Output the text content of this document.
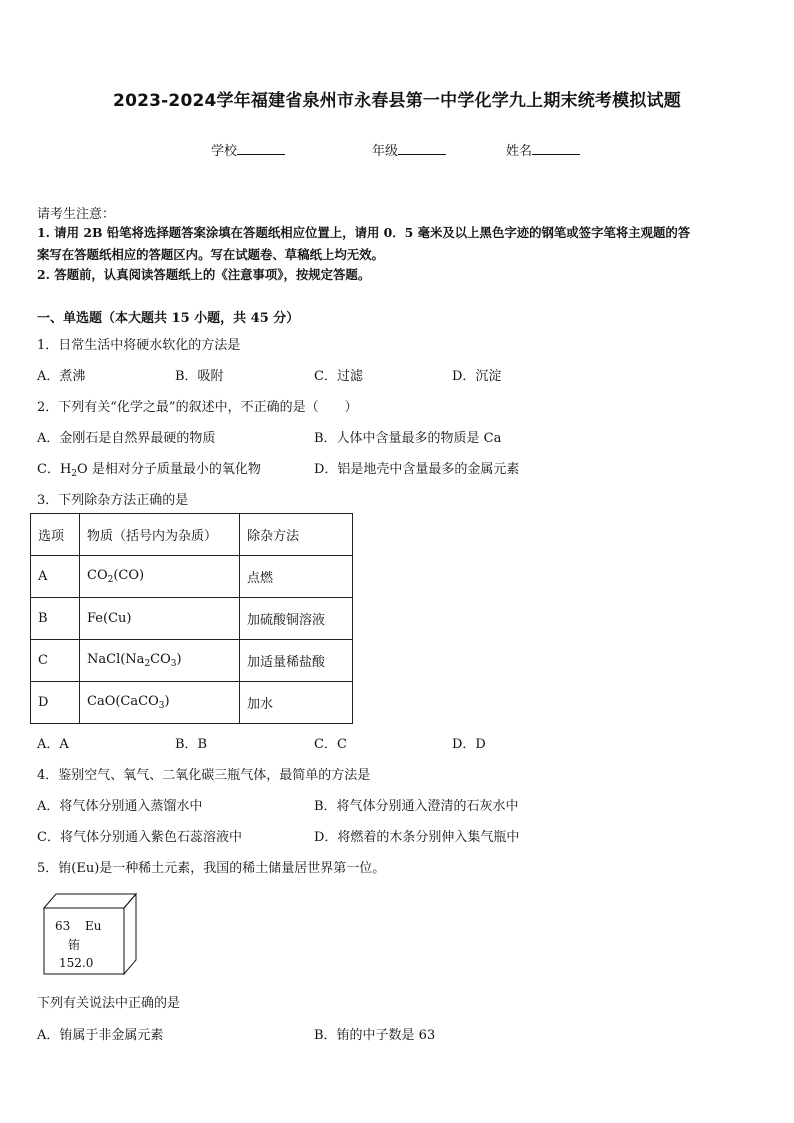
2023-2024学年福建省泉州市永春县第一中学化学九上期末统考模拟试题
学校	年级	姓名
请考生注意：
1. 请用 2B 铅笔将选择题答案涂填在答题纸相应位置上，请用 0．5 毫米及以上黑色字迹的钢笔或签字笔将主观题的答
案写在答题纸相应的答题区内。写在试题卷、草稿纸上均无效。
2. 答题前，认真阅读答题纸上的《注意事项》，按规定答题。
一、单选题（本大题共 15 小题，共 45 分）
1．日常生活中将硬水软化的方法是
A．煮沸	B．吸附	C．过滤	D．沉淀
2．下列有关“化学之最”的叙述中，不正确的是（　　）
A．金刚石是自然界最硬的物质	B．人体中含量最多的物质是 Ca
C．$H_2O$ 是相对分子质量最小的氧化物	D．铝是地壳中含量最多的金属元素
3．下列除杂方法正确的是
选项	物质（括号内为杂质）	除杂方法
A	$CO_2(CO)$	点燃
B	Fe(Cu)	加硫酸铜溶液
C	$NaCl(Na_2CO_3)$	加适量稀盐酸
D	CaO(CaCO$_3$)	加水
A．A	B．B	C．C	D．D
4．鉴别空气、氧气、二氧化碳三瓶气体，最简单的方法是
A．将气体分别通入蒸馏水中	B．将气体分别通入澄清的石灰水中
C．将气体分别通入紫色石蕊溶液中	D．将燃着的木条分别伸入集气瓶中
5．铕(Eu)是一种稀土元素，我国的稀土储量居世界第一位。
63 Eu
铕
152.0
下列有关说法中正确的是
A．铕属于非金属元素	B．铕的中子数是 63
